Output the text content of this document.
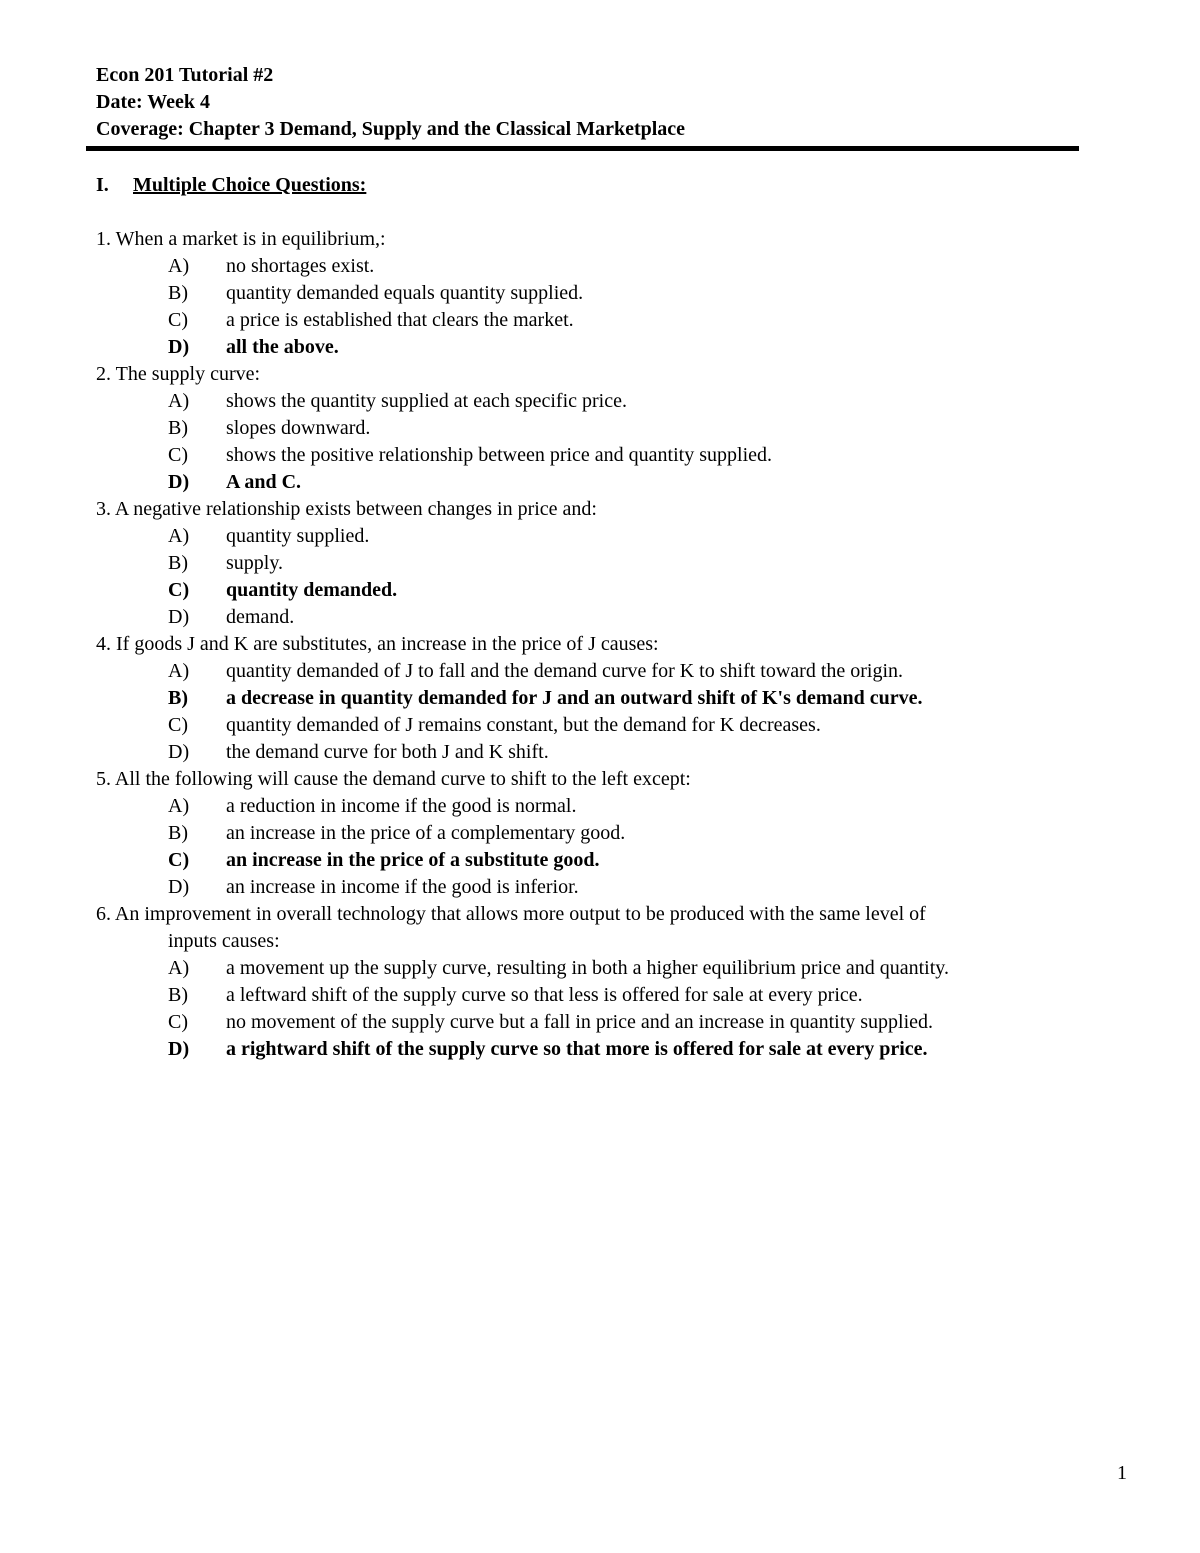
Econ 201 Tutorial #2
Date: Week 4
Coverage: Chapter 3 Demand, Supply and the Classical Marketplace
I. Multiple Choice Questions:
1. When a market is in equilibrium,:
A)	no shortages exist.
B)	quantity demanded equals quantity supplied.
C)	a price is established that clears the market.
D)	all the above.
2. The supply curve:
A)	shows the quantity supplied at each specific price.
B)	slopes downward.
C)	shows the positive relationship between price and quantity supplied.
D)	A and C.
3. A negative relationship exists between changes in price and:
A)	quantity supplied.
B)	supply.
C)	quantity demanded.
D)	demand.
4. If goods J and K are substitutes, an increase in the price of J causes:
A)	quantity demanded of J to fall and the demand curve for K to shift toward the origin.
B)	a decrease in quantity demanded for J and an outward shift of K's demand curve.
C)	quantity demanded of J remains constant, but the demand for K decreases.
D)	the demand curve for both J and K shift.
5. All the following will cause the demand curve to shift to the left except:
A)	a reduction in income if the good is normal.
B)	an increase in the price of a complementary good.
C)	an increase in the price of a substitute good.
D)	an increase in income if the good is inferior.
6. An improvement in overall technology that allows more output to be produced with the same level of
inputs causes:
A)	a movement up the supply curve, resulting in both a higher equilibrium price and quantity.
B)	a leftward shift of the supply curve so that less is offered for sale at every price.
C)	no movement of the supply curve but a fall in price and an increase in quantity supplied.
D)	a rightward shift of the supply curve so that more is offered for sale at every price.
1
